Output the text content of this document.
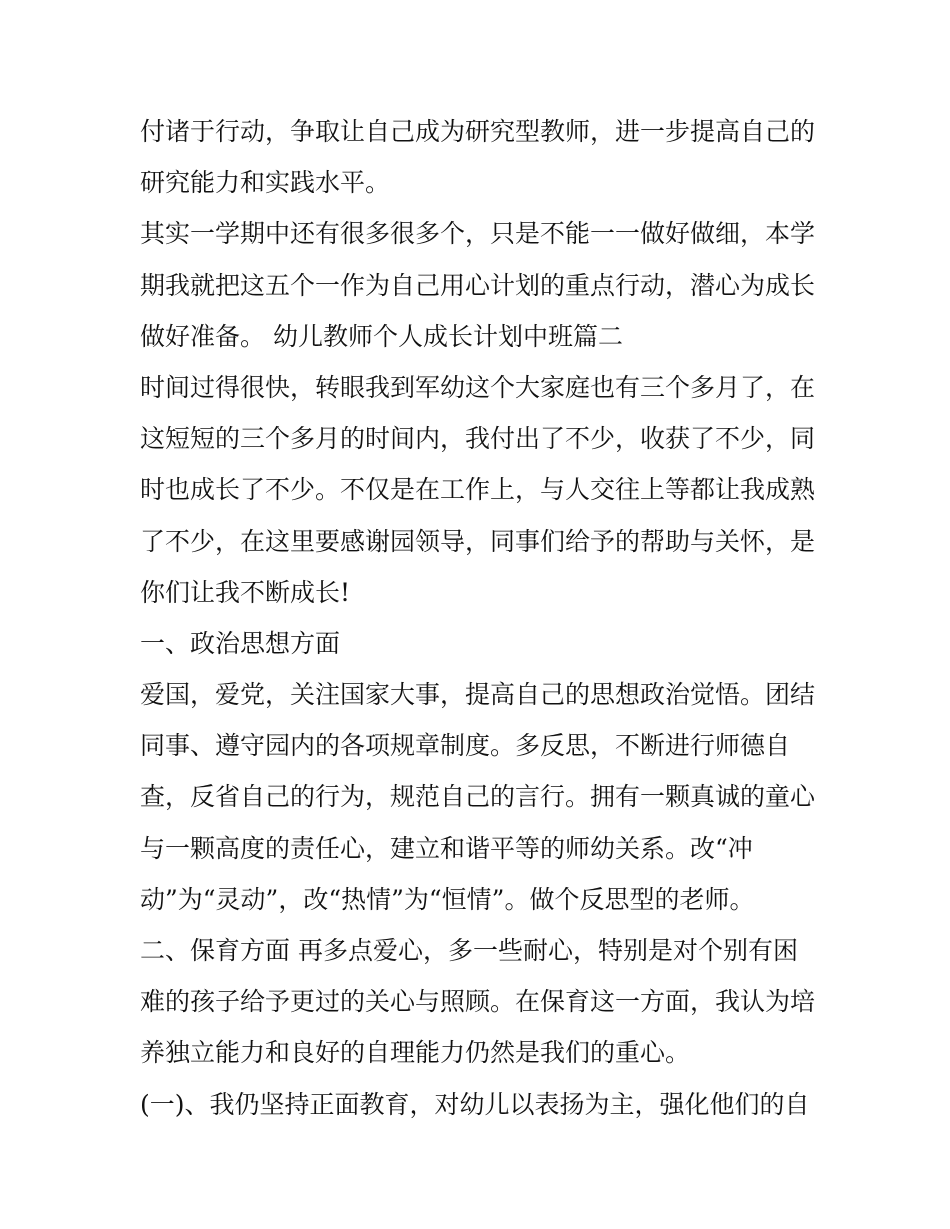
付诸于行动，争取让自己成为研究型教师，进一步提高自己的
研究能力和实践水平。
其实一学期中还有很多很多个，只是不能一一做好做细，本学
期我就把这五个一作为自己用心计划的重点行动，潜心为成长
做好准备。 幼儿教师个人成长计划中班篇二
时间过得很快，转眼我到军幼这个大家庭也有三个多月了，在
这短短的三个多月的时间内，我付出了不少，收获了不少，同
时也成长了不少。不仅是在工作上，与人交往上等都让我成熟
了不少，在这里要感谢园领导，同事们给予的帮助与关怀，是
你们让我不断成长!
一、政治思想方面
爱国，爱党，关注国家大事，提高自己的思想政治觉悟。团结
同事、遵守园内的各项规章制度。多反思，不断进行师德自
查，反省自己的行为，规范自己的言行。拥有一颗真诚的童心
与一颗高度的责任心，建立和谐平等的师幼关系。改“冲
动”为“灵动”，改“热情”为“恒情”。做个反思型的老师。
二、保育方面 再多点爱心，多一些耐心，特别是对个别有困
难的孩子给予更过的关心与照顾。在保育这一方面，我认为培
养独立能力和良好的自理能力仍然是我们的重心。
(一)、我仍坚持正面教育，对幼儿以表扬为主，强化他们的自
